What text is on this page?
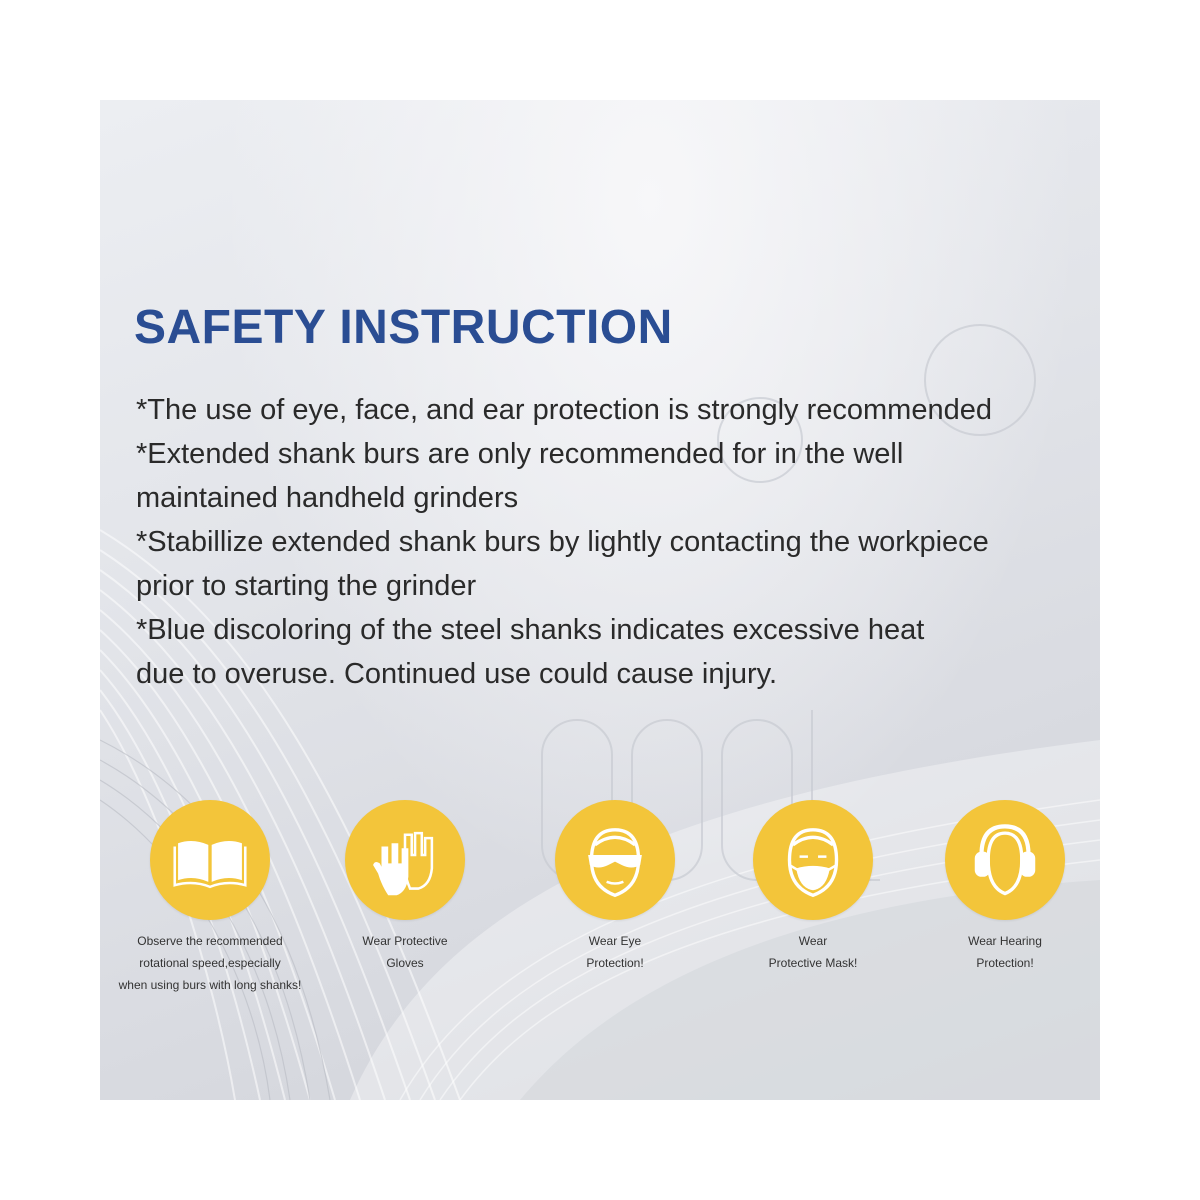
SAFETY INSTRUCTION
*The use of eye, face, and ear protection is strongly recommended
*Extended shank burs are only recommended for in the well
maintained handheld grinders
*Stabillize extended shank burs by lightly contacting the workpiece
prior to starting the grinder
*Blue discoloring of the steel shanks indicates excessive heat
due to overuse. Continued use could cause injury.
Observe the recommended
rotational speed,especially
when using burs with long shanks!
Wear Protective
Gloves
Wear Eye
Protection!
Wear
Protective Mask!
Wear Hearing
Protection!
